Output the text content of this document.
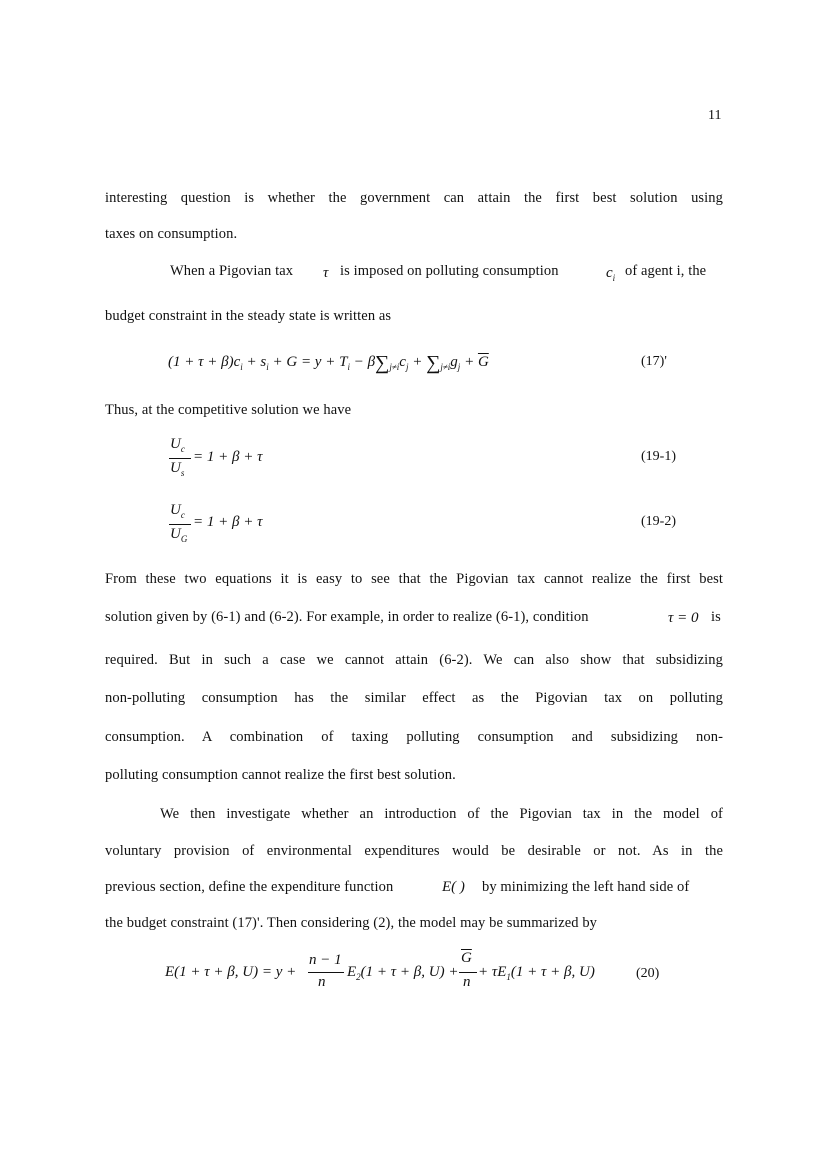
11
interesting question is whether the government can attain the first best solution using
taxes on consumption.
When a Pigovian tax τ is imposed on polluting consumption	$c_i$ of agent i, the
budget constraint in the steady state is written as
$(1 + \tau + \beta)c_i + s_i + G = y + T_i - \beta\sum_{j\ne i}c_j + \sum_{j\ne i}g_j + \overline{G}$	(17)'
Thus, at the competitive solution we have
$U_c$
$U_s$
= 1 + β + τ	(19-1)
$U_c$
$U_G$
= 1 + β + τ	(19-2)
From these two equations it is easy to see that the Pigovian tax cannot realize the first best
solution given by (6-1) and (6-2). For example, in order to realize (6-1), condition	τ = 0 is
required. But in such a case we cannot attain (6-2). We can also show that subsidizing
non-polluting consumption has the similar effect as the Pigovian tax on polluting
consumption. A combination of taxing polluting consumption and subsidizing non-
polluting consumption cannot realize the first best solution.
We then investigate whether an introduction of the Pigovian tax in the model of
voluntary provision of environmental expenditures would be desirable or not. As in the
previous section, define the expenditure function	E( ) by minimizing the left hand side of
the budget constraint (17)'. Then considering (2), the model may be summarized by
E(1 + τ + β, U) = y +
n − 1
n
$E_2(1 + \tau + \beta$, U) +
$\overline{G}$
n
+ $\tau E_1(1 + \tau + \beta$, U)	(20)
